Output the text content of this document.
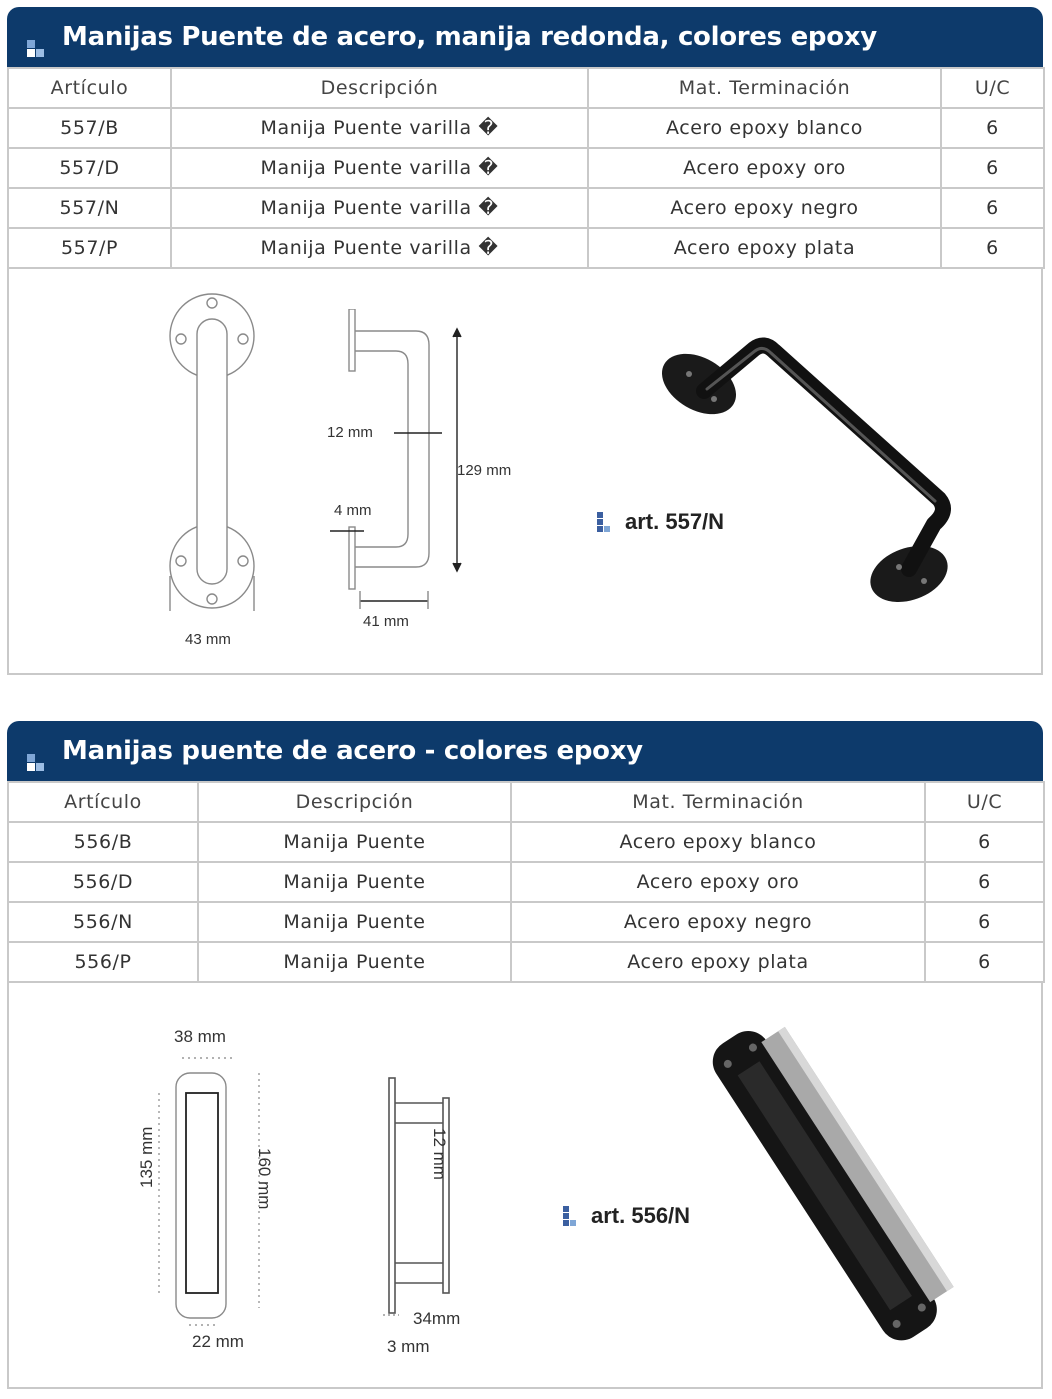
Manijas Puente de acero, manija redonda, colores epoxy
Artículo	Descripción	Mat. Terminación	U/C
557/B	Manija Puente varilla �	Acero epoxy blanco	6
557/D	Manija Puente varilla �	Acero epoxy oro	6
557/N	Manija Puente varilla �	Acero epoxy negro	6
557/P	Manija Puente varilla �	Acero epoxy plata	6
43 mm
12 mm
129 mm
4 mm
41 mm
art. 557/N
Manijas puente de acero - colores epoxy
Artículo	Descripción	Mat. Terminación	U/C
556/B	Manija Puente	Acero epoxy blanco	6
556/D	Manija Puente	Acero epoxy oro	6
556/N	Manija Puente	Acero epoxy negro	6
556/P	Manija Puente	Acero epoxy plata	6
38 mm
135 mm	160 mm
22 mm
12 mm
34mm
3 mm
art. 556/N
